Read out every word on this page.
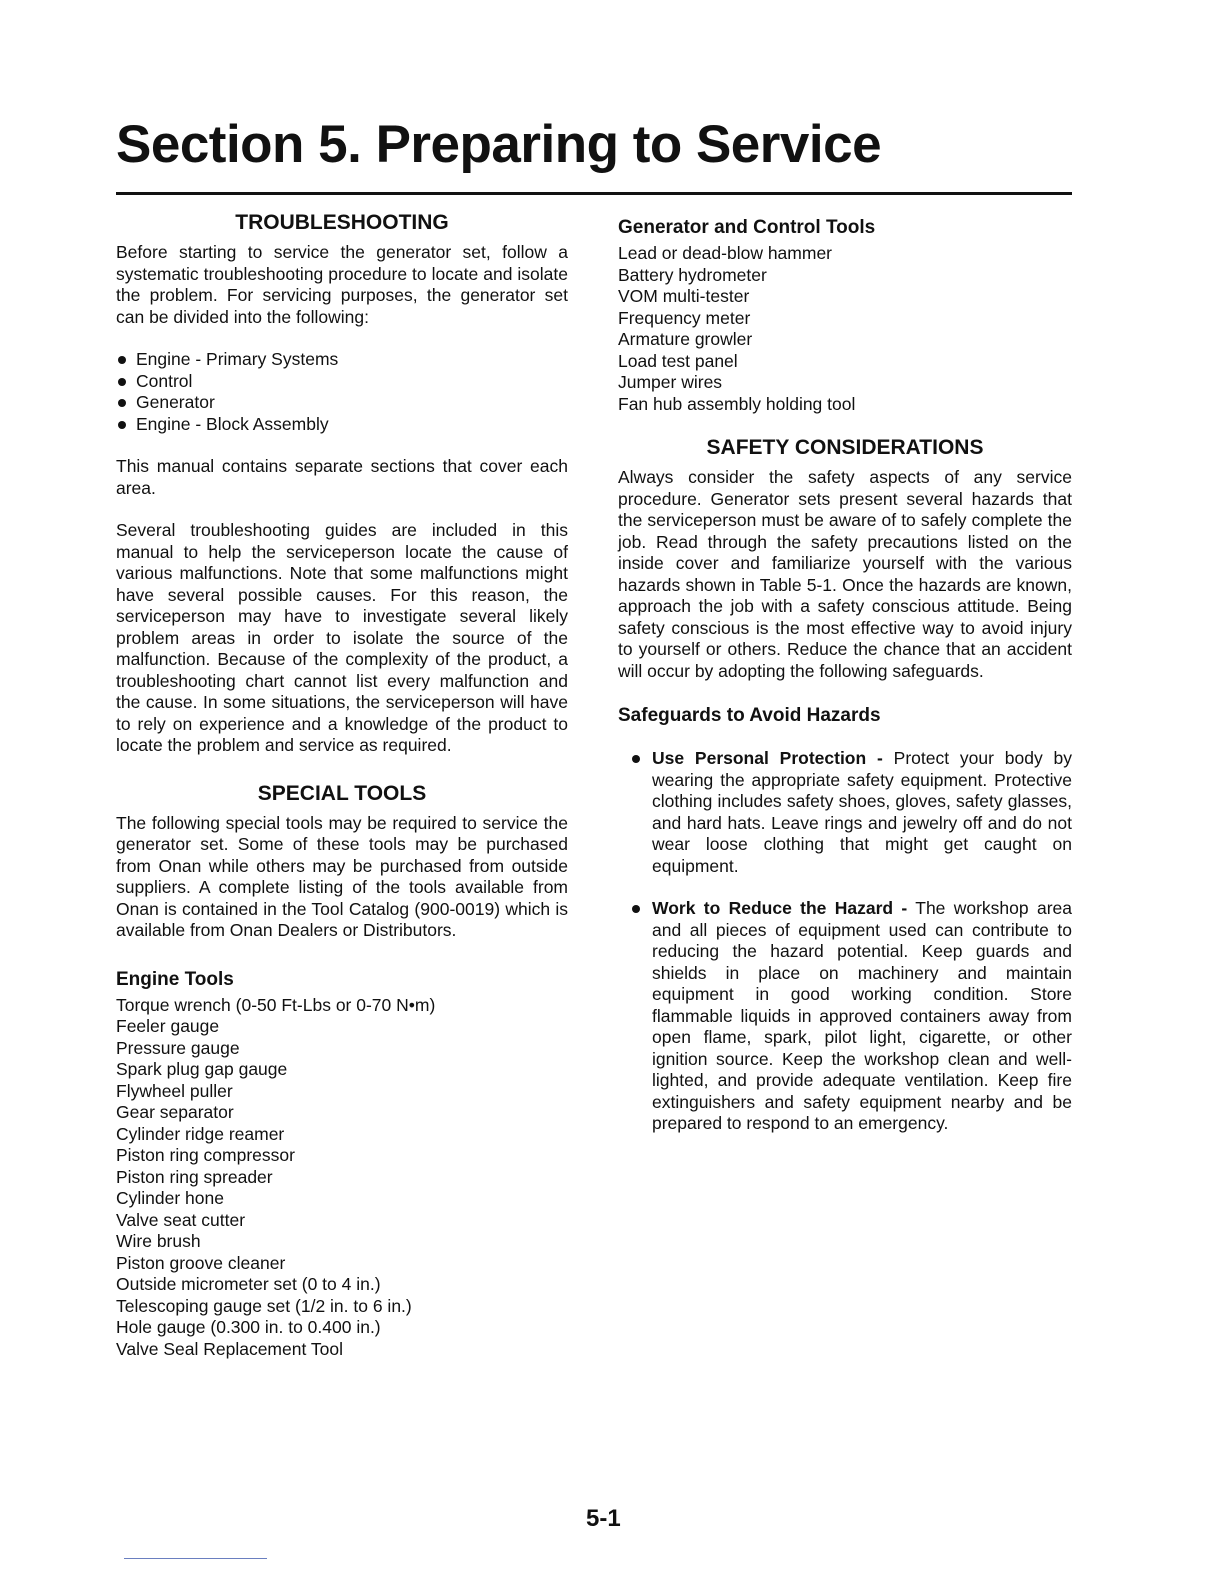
Section 5. Preparing to Service
TROUBLESHOOTING

Before starting to service the generator set, follow a systematic troubleshooting procedure to locate and isolate the problem. For servicing purposes, the generator set can be divided into the following:

Engine - Primary Systems
Control
Generator
Engine - Block Assembly

This manual contains separate sections that cover each area.

Several troubleshooting guides are included in this manual to help the serviceperson locate the cause of various malfunctions. Note that some malfunctions might have several possible causes. For this reason, the serviceperson may have to investigate several likely problem areas in order to isolate the source of the malfunction. Because of the complexity of the product, a troubleshooting chart cannot list every malfunction and the cause. In some situations, the serviceperson will have to rely on experience and a knowledge of the product to locate the problem and service as required.

SPECIAL TOOLS

The following special tools may be required to service the generator set. Some of these tools may be purchased from Onan while others may be purchased from outside suppliers. A complete listing of the tools available from Onan is contained in the Tool Catalog (900-0019) which is available from Onan Dealers or Distributors.

Engine Tools
Torque wrench (0-50 Ft-Lbs or 0-70 N•m)
Feeler gauge
Pressure gauge
Spark plug gap gauge
Flywheel puller
Gear separator
Cylinder ridge reamer
Piston ring compressor
Piston ring spreader
Cylinder hone
Valve seat cutter
Wire brush
Piston groove cleaner
Outside micrometer set (0 to 4 in.)
Telescoping gauge set (1/2 in. to 6 in.)
Hole gauge (0.300 in. to 0.400 in.)
Valve Seal Replacement Tool
Generator and Control Tools
Lead or dead-blow hammer
Battery hydrometer
VOM multi-tester
Frequency meter
Armature growler
Load test panel
Jumper wires
Fan hub assembly holding tool
SAFETY CONSIDERATIONS

Always consider the safety aspects of any service procedure. Generator sets present several hazards that the serviceperson must be aware of to safely complete the job. Read through the safety precautions listed on the inside cover and familiarize yourself with the various hazards shown in Table 5-1. Once the hazards are known, approach the job with a safety conscious attitude. Being safety conscious is the most effective way to avoid injury to yourself or others. Reduce the chance that an accident will occur by adopting the following safeguards.

Safeguards to Avoid Hazards
Use Personal Protection - Protect your body by wearing the appropriate safety equipment. Protective clothing includes safety shoes, gloves, safety glasses, and hard hats. Leave rings and jewelry off and do not wear loose clothing that might get caught on equipment.
Work to Reduce the Hazard - The workshop area and all pieces of equipment used can contribute to reducing the hazard potential. Keep guards and shields in place on machinery and maintain equipment in good working condition. Store flammable liquids in approved containers away from open flame, spark, pilot light, cigarette, or other ignition source. Keep the workshop clean and well-lighted, and provide adequate ventilation. Keep fire extinguishers and safety equipment nearby and be prepared to respond to an emergency.
5-1
